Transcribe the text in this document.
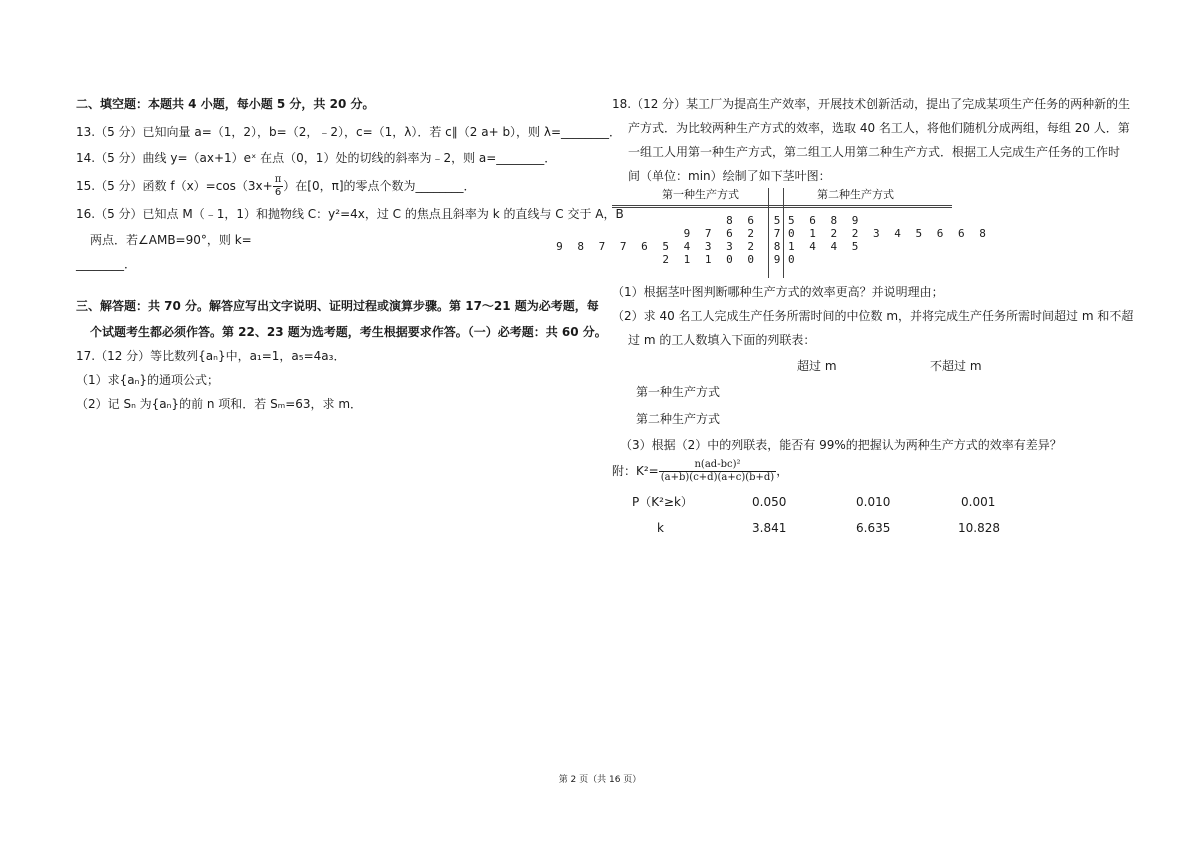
二、填空题：本题共 4 小题，每小题 5 分，共 20 分。
13.（5 分）已知向量 a=（1，2），b=（2，﹣2），c=（1，λ）．若 c∥（2 a+ b），则 λ=________．
14.（5 分）曲线 y=（ax+1）eˣ 在点（0，1）处的切线的斜率为﹣2，则 a=________．
15.（5 分）函数 $f(x)=\cos(3x+ \frac{\pi}{6}$ ）在[0，π]的零点个数为________．
16.（5 分）已知点 M（﹣1，1）和抛物线 C：y²=4x，过 C 的焦点且斜率为 k 的直线与 C 交于 A，B
两点．若∠AMB=90°，则 k=
________．
三、解答题：共 70 分。解答应写出文字说明、证明过程或演算步骤。第 17～21 题为必考题，每
个试题考生都必须作答。第 22、23 题为选考题，考生根据要求作答。（一）必考题：共 60 分。
17.（12 分）等比数列{aₙ}中，a₁=1，a₅=4a₃．
（1）求{aₙ}的通项公式；
（2）记 Sₙ 为{aₙ}的前 n 项和．若 Sₘ=63，求 m．
18.（12 分）某工厂为提高生产效率，开展技术创新活动，提出了完成某项生产任务的两种新的生
产方式．为比较两种生产方式的效率，选取 40 名工人，将他们随机分成两组，每组 20 人．第
一组工人用第一种生产方式，第二组工人用第二种生产方式．根据工人完成生产任务的工作时
间（单位：min）绘制了如下茎叶图：
第一种生产方式	第二种生产方式
8 6	5 5 6 8 9
9 7 6 2	7 0 1 2 2 3 4 5 6 6 8
9 8 7 7 6 5 4 3 3 2	8 1 4 4 5
2 1 1 0 0	9 0
（1）根据茎叶图判断哪种生产方式的效率更高？并说明理由；
（2）求 40 名工人完成生产任务所需时间的中位数 m，并将完成生产任务所需时间超过 m 和不超
过 m 的工人数填入下面的列联表：
超过 m	不超过 m
第一种生产方式
第二种生产方式
（3）根据（2）中的列联表，能否有 99%的把握认为两种生产方式的效率有差异？
附：$K^2= \frac{\text{n(ad-bc)²}}{(a+b)(c+d)(a+c)(b+d)}$ ，
P（K²≥k）	0.050	0.010	0.001
k	3.841	6.635	10.828
第 2 页（共 16 页）
